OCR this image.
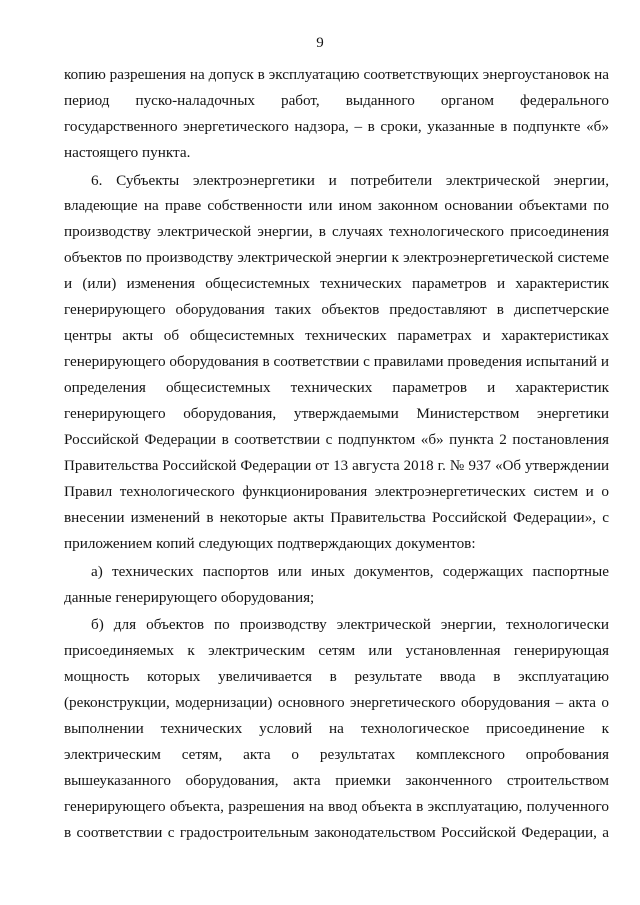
9
копию разрешения на допуск в эксплуатацию соответствующих энергоустановок на
период пуско-наладочных работ, выданного органом федерального
государственного энергетического надзора, – в сроки, указанные в подпункте «б»
настоящего пункта.
6. Субъекты электроэнергетики и потребители электрической энергии,
владеющие на праве собственности или ином законном основании объектами по
производству электрической энергии, в случаях технологического присоединения
объектов по производству электрической энергии к электроэнергетической системе
и (или) изменения общесистемных технических параметров и характеристик
генерирующего оборудования таких объектов предоставляют в диспетчерские
центры акты об общесистемных технических параметрах и характеристиках
генерирующего оборудования в соответствии с правилами проведения испытаний и
определения общесистемных технических параметров и характеристик
генерирующего оборудования, утверждаемыми Министерством энергетики
Российской Федерации в соответствии с подпунктом «б» пункта 2 постановления
Правительства Российской Федерации от 13 августа 2018 г. № 937 «Об утверждении
Правил технологического функционирования электроэнергетических систем и о
внесении изменений в некоторые акты Правительства Российской Федерации», с
приложением копий следующих подтверждающих документов:
а) технических паспортов или иных документов, содержащих паспортные
данные генерирующего оборудования;
б) для объектов по производству электрической энергии, технологически
присоединяемых к электрическим сетям или установленная генерирующая
мощность которых увеличивается в результате ввода в эксплуатацию
(реконструкции, модернизации) основного энергетического оборудования – акта о
выполнении технических условий на технологическое присоединение к
электрическим сетям, акта о результатах комплексного опробования
вышеуказанного оборудования, акта приемки законченного строительством
генерирующего объекта, разрешения на ввод объекта в эксплуатацию, полученного
в соответствии с градостроительным законодательством Российской Федерации, а
